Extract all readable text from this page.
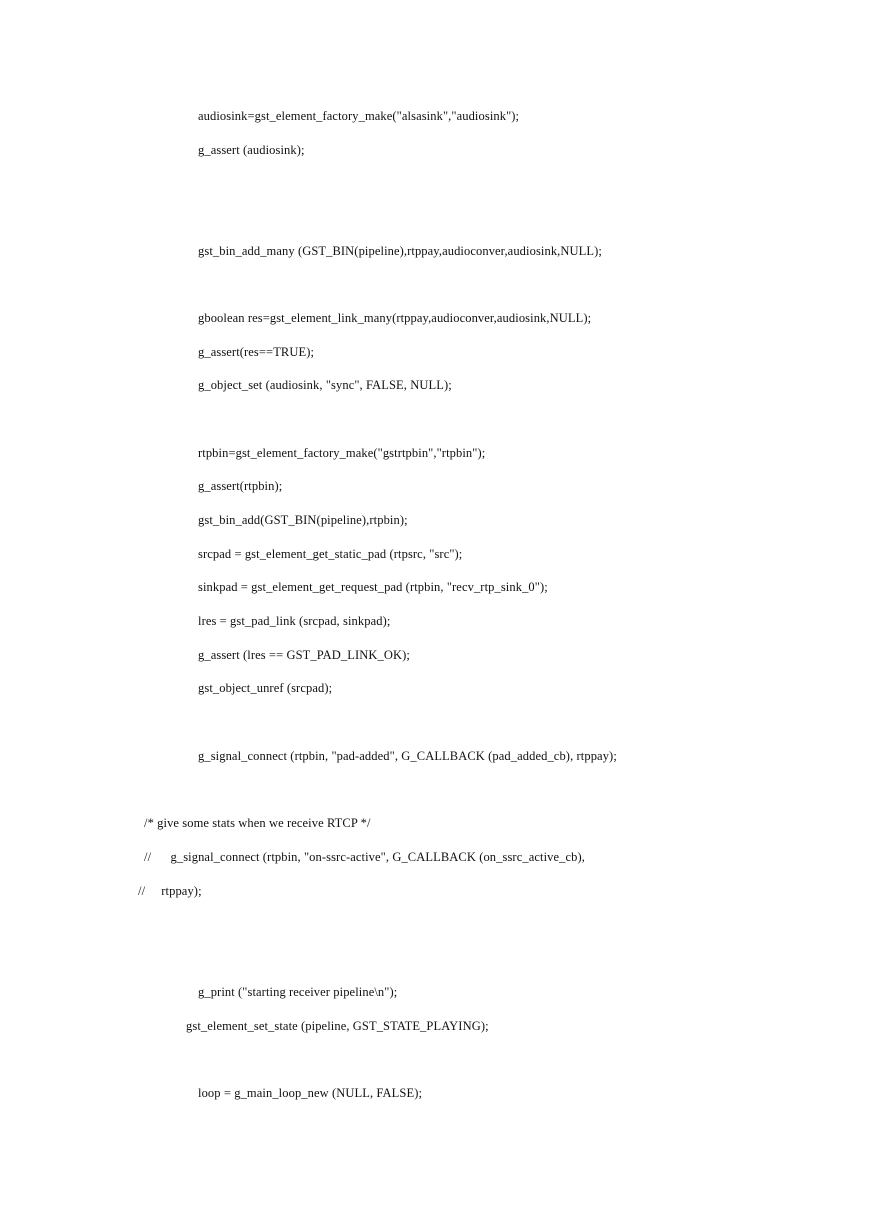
audiosink=gst_element_factory_make("alsasink","audiosink");
g_assert (audiosink);
gst_bin_add_many (GST_BIN(pipeline),rtppay,audioconver,audiosink,NULL);
gboolean res=gst_element_link_many(rtppay,audioconver,audiosink,NULL);
g_assert(res==TRUE);
g_object_set (audiosink, "sync", FALSE, NULL);
rtpbin=gst_element_factory_make("gstrtpbin","rtpbin");
g_assert(rtpbin);
gst_bin_add(GST_BIN(pipeline),rtpbin);
srcpad = gst_element_get_static_pad (rtpsrc, "src");
sinkpad = gst_element_get_request_pad (rtpbin, "recv_rtp_sink_0");
lres = gst_pad_link (srcpad, sinkpad);
g_assert (lres == GST_PAD_LINK_OK);
gst_object_unref (srcpad);
g_signal_connect (rtpbin, "pad-added", G_CALLBACK (pad_added_cb), rtppay);
/* give some stats when we receive RTCP */
//      g_signal_connect (rtpbin, "on-ssrc-active", G_CALLBACK (on_ssrc_active_cb),
//     rtppay);
g_print ("starting receiver pipeline\n");
gst_element_set_state (pipeline, GST_STATE_PLAYING);
loop = g_main_loop_new (NULL, FALSE);
